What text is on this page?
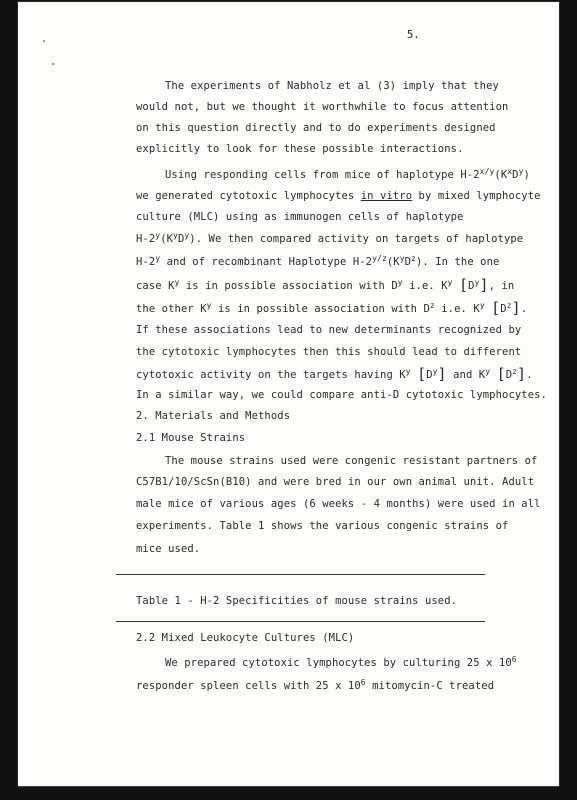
5.
The experiments of Nabholz et al (3) imply that they
would not, but we thought it worthwhile to focus attention
on this question directly and to do experiments designed
explicitly to look for these possible interactions.
Using responding cells from mice of haplotype $H-2^{x/y}(K^xD^y)$
we generated cytotoxic lymphocytes in vitro by mixed lymphocyte
culture (MLC) using as immunogen cells of haplotype
$H-2^y(K^yD^y)$. We then compared activity on targets of haplotype
H-2$^y$ and of recombinant Haplotype $H-2^{y/z}(K^yD^z)$. In the one
case $K^y$ is in possible association with $D^y$ i.e. $K^y$ $[D^y]$, in
the other $K^y$ is in possible association with $D^z$ i.e. $K^y$ $[D^z]$.
If these associations lead to new determinants recognized by
the cytotoxic lymphocytes then this should lead to different
cytotoxic activity on the targets having $K^y$ $[D^y]$ and $K^y$ $[D^z]$.
In a similar way, we could compare anti-D cytotoxic lymphocytes.
2. Materials and Methods
2.1 Mouse Strains
The mouse strains used were congenic resistant partners of
C57B1/10/ScSn(B10) and were bred in our own animal unit. Adult
male mice of various ages (6 weeks - 4 months) were used in all
experiments. Table 1 shows the various congenic strains of
mice used.
Table 1 - H-2 Specificities of mouse strains used.
2.2 Mixed Leukocyte Cultures (MLC)
We prepared cytotoxic lymphocytes by culturing 25 x $10^6$
responder spleen cells with 25 x $10^6$ mitomycin-C treated
